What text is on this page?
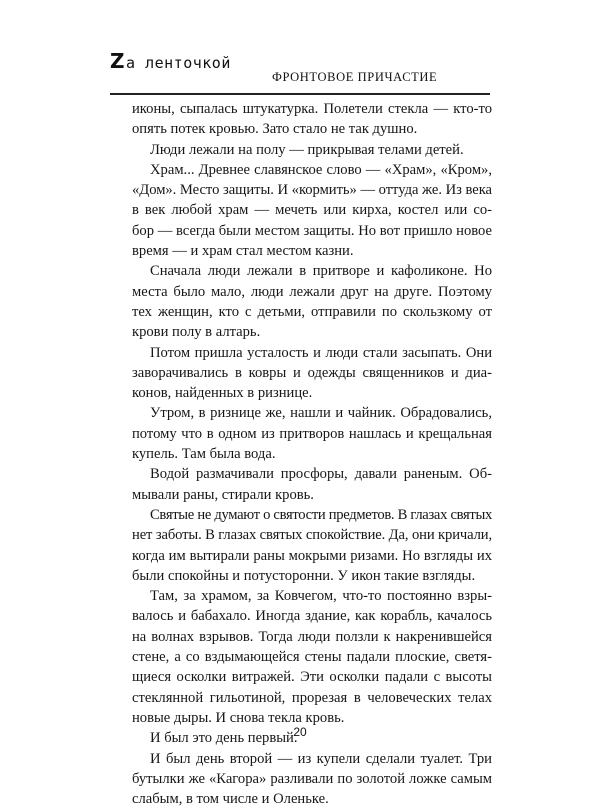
Zа ленточкой
ФРОНТОВОЕ ПРИЧАСТИЕ
иконы, сыпалась штукатурка. Полетели стекла — кто-то
опять потек кровью. Зато стало не так душно.
Люди лежали на полу — прикрывая телами детей.
Храм... Древнее славянское слово — «Храм», «Кром»,
«Дом». Место защиты. И «кормить» — оттуда же. Из века
в век любой храм — мечеть или кирха, костел или со-
бор — всегда были местом защиты. Но вот пришло новое
время — и храм стал местом казни.
Сначала люди лежали в притворе и кафоликоне. Но
места было мало, люди лежали друг на друге. Поэтому
тех женщин, кто с детьми, отправили по скользкому от
крови полу в алтарь.
Потом пришла усталость и люди стали засыпать. Они
заворачивались в ковры и одежды священников и диа-
конов, найденных в ризнице.
Утром, в ризнице же, нашли и чайник. Обрадовались,
потому что в одном из притворов нашлась и крещальная
купель. Там была вода.
Водой размачивали просфоры, давали раненым. Об-
мывали раны, стирали кровь.
Святые не думают о святости предметов. В глазах святых
нет заботы. В глазах святых спокойствие. Да, они кричали,
когда им вытирали раны мокрыми ризами. Но взгляды их
были спокойны и потусторонни. У икон такие взгляды.
Там, за храмом, за Ковчегом, что-то постоянно взры-
валось и бабахало. Иногда здание, как корабль, качалось
на волнах взрывов. Тогда люди ползли к накренившейся
стене, а со вздымающейся стены падали плоские, светя-
щиеся осколки витражей. Эти осколки падали с высоты
стеклянной гильотиной, прорезая в человеческих телах
новые дыры. И снова текла кровь.
И был это день первый.
И был день второй — из купели сделали туалет. Три
бутылки же «Кагора» разливали по золотой ложке самым
слабым, в том числе и Оленьке.
20
